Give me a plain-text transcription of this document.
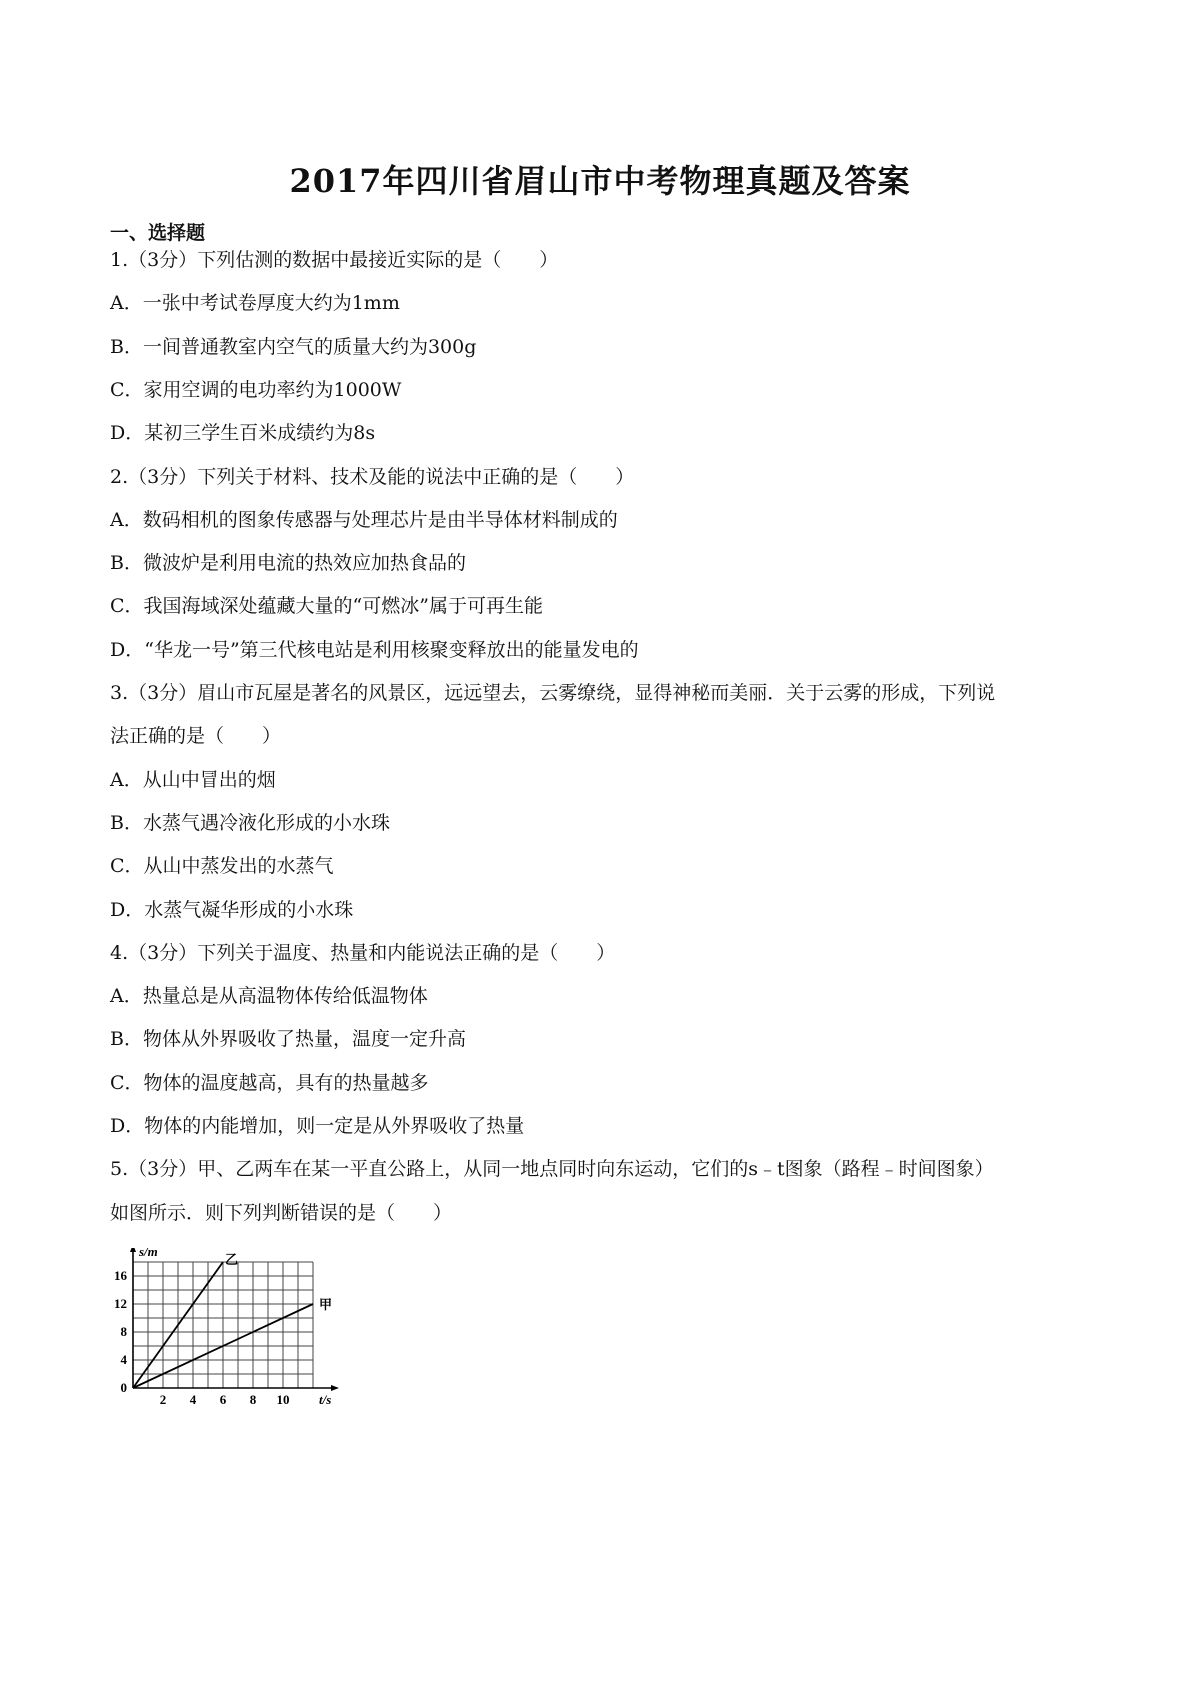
2017年四川省眉山市中考物理真题及答案
一、选择题
1.（3分）下列估测的数据中最接近实际的是（　　）
A．一张中考试卷厚度大约为1mm
B．一间普通教室内空气的质量大约为300g
C．家用空调的电功率约为1000W
D．某初三学生百米成绩约为8s
2.（3分）下列关于材料、技术及能的说法中正确的是（　　）
A．数码相机的图象传感器与处理芯片是由半导体材料制成的
B．微波炉是利用电流的热效应加热食品的
C．我国海域深处蕴藏大量的“可燃冰”属于可再生能
D．“华龙一号”第三代核电站是利用核聚变释放出的能量发电的
3.（3分）眉山市瓦屋是著名的风景区，远远望去，云雾缭绕，显得神秘而美丽．关于云雾的形成，下列说
法正确的是（　　）
A．从山中冒出的烟
B．水蒸气遇冷液化形成的小水珠
C．从山中蒸发出的水蒸气
D．水蒸气凝华形成的小水珠
4.（3分）下列关于温度、热量和内能说法正确的是（　　）
A．热量总是从高温物体传给低温物体
B．物体从外界吸收了热量，温度一定升高
C．物体的温度越高，具有的热量越多
D．物体的内能增加，则一定是从外界吸收了热量
5.（3分）甲、乙两车在某一平直公路上，从同一地点同时向东运动，它们的s﹣t图象（路程﹣时间图象）
如图所示．则下列判断错误的是（　　）
乙
甲
2 4 6 8 10
4
8
12
16
0
t/s
s/m
